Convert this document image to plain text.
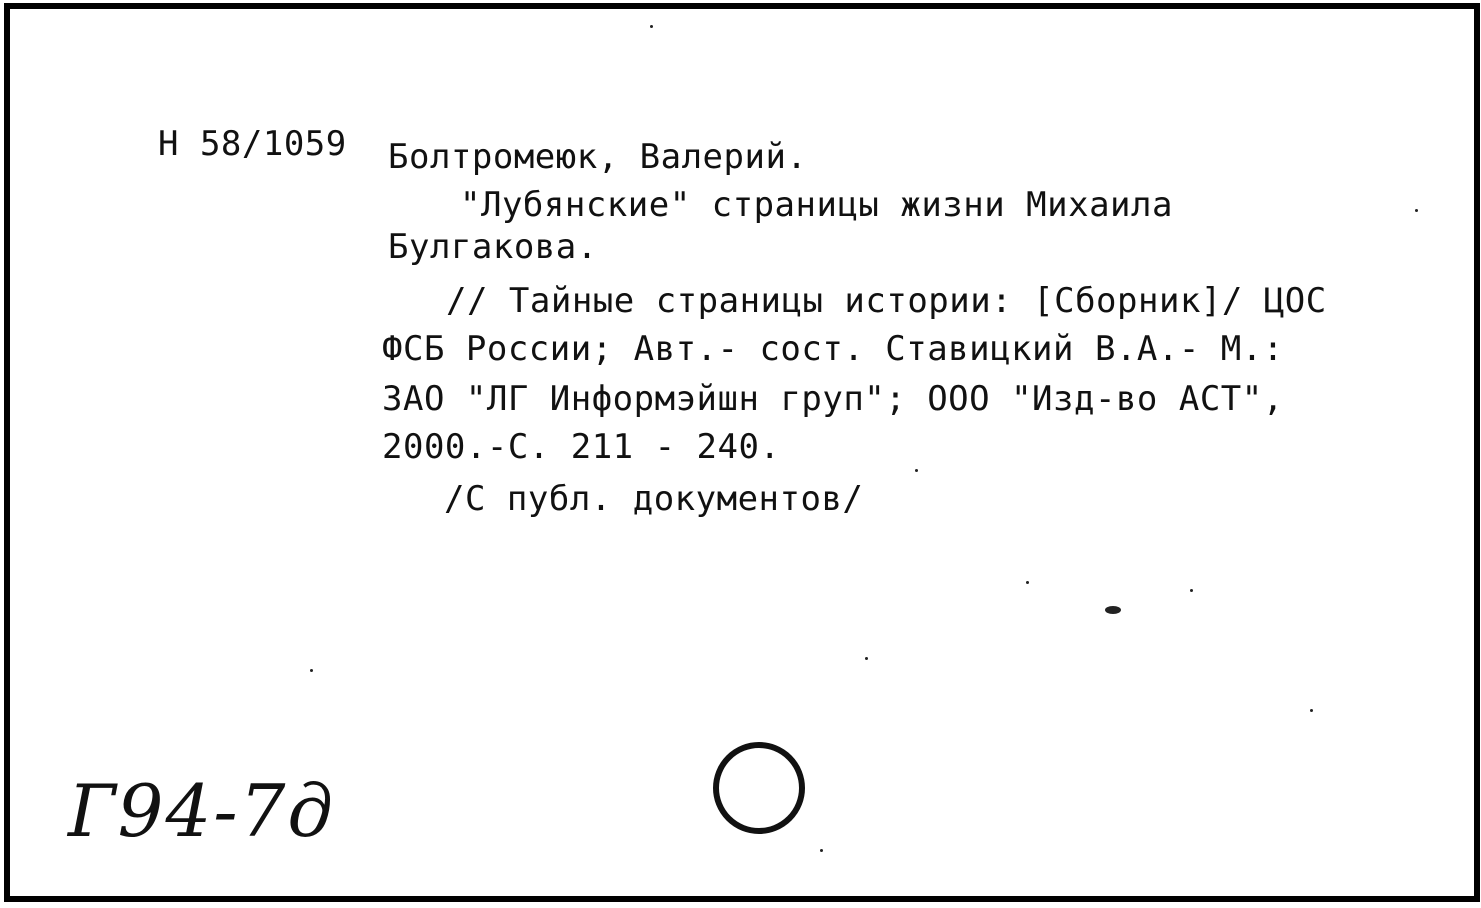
Н 58/1059 Болтромеюк, Валерий.
"Лубянские" страницы жизни Михаила
Булгакова.
// Тайные страницы истории: [Сборник]/ ЦОС
ФСБ России; Авт.- сост. Ставицкий В.А.- М.:
ЗАО "ЛГ Информэйшн груп"; ООО "Изд-во АСТ",
2000.-С. 211 - 240.
/С публ. документов/
Г94-7д
